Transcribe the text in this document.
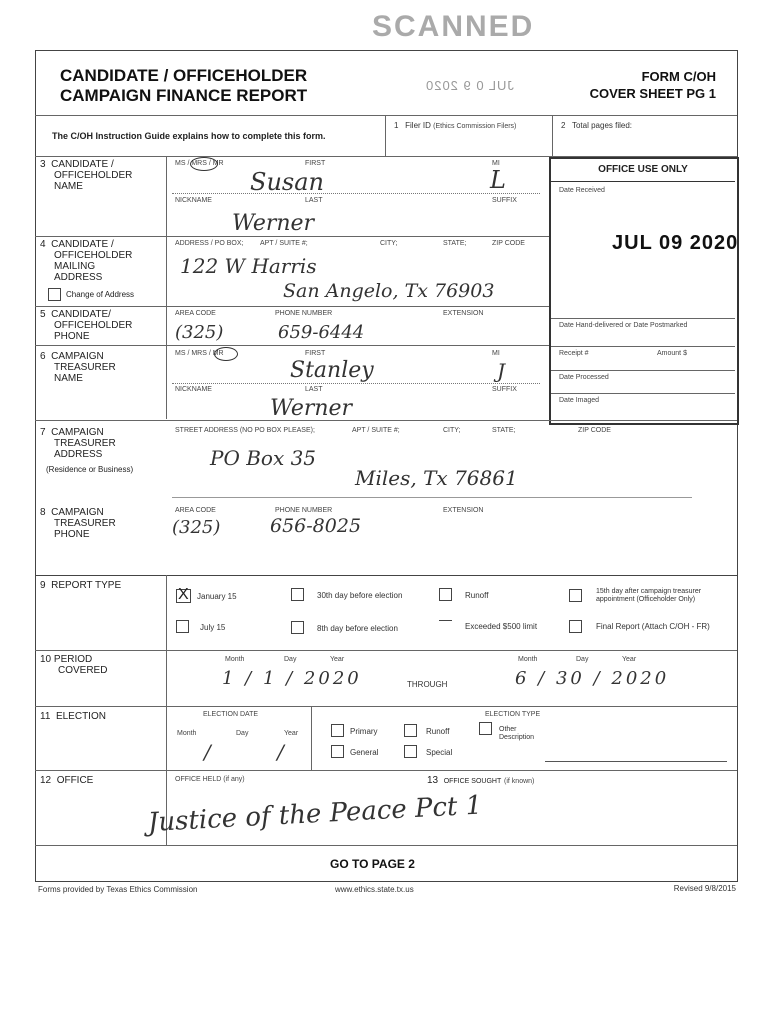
SCANNED
CANDIDATE / OFFICEHOLDER
CAMPAIGN FINANCE REPORT
JUL 0 9 2020
FORM C/OH
COVER SHEET PG 1
The C/OH Instruction Guide explains how to complete this form.
1 Filer ID (Ethics Commission Filers)	2 Total pages filed:
OFFICE USE ONLY
Date Received
JUL 09 2020
Date Hand-delivered or Date Postmarked
Receipt #	Amount $
Date Processed
Date Imaged
3 CANDIDATE /
OFFICEHOLDER
NAME
MS / MRS / MR	FIRST	MI
Susan	L
NICKNAME	LAST	SUFFIX
Werner
4 CANDIDATE /
OFFICEHOLDER
MAILING
ADDRESS
Change of Address
ADDRESS / PO BOX; APT / SUITE #;	CITY;	STATE;	ZIP CODE
122 W Harris
San Angelo, Tx 76903
5 CANDIDATE/
OFFICEHOLDER
PHONE
AREA CODE	PHONE NUMBER	EXTENSION
(325)	659-6444
6 CAMPAIGN
TREASURER
NAME
MS / MRS / MR	FIRST	MI
Stanley	J
NICKNAME	LAST	SUFFIX
Werner
7 CAMPAIGN
TREASURER
ADDRESS
(Residence or Business)
STREET ADDRESS (NO PO BOX PLEASE);	APT / SUITE #;	CITY;	STATE;	ZIP CODE
PO Box 35
Miles, Tx 76861
8 CAMPAIGN
TREASURER
PHONE
AREA CODE	PHONE NUMBER	EXTENSION
(325)	656-8025
9 REPORT TYPE
X January 15	30th day before election	Runoff	15th day after campaign treasurer appointment (Officeholder Only)
July 15	8th day before election	Exceeded $500 limit	Final Report (Attach C/OH - FR)
10 PERIOD
COVERED
Month	Day	Year
1 / 1 / 2020	THROUGH
Month	Day	Year
6 / 30 / 2020
11 ELECTION	ELECTION DATE
Month	Day	Year
/ /
ELECTION TYPE
Primary	Runoff	Other
Description
General	Special
12 OFFICE	OFFICE HELD (if any)
Justice of the Peace Pct 1
13 OFFICE SOUGHT (if known)
GO TO PAGE 2
Forms provided by Texas Ethics Commission	www.ethics.state.tx.us	Revised 9/8/2015
